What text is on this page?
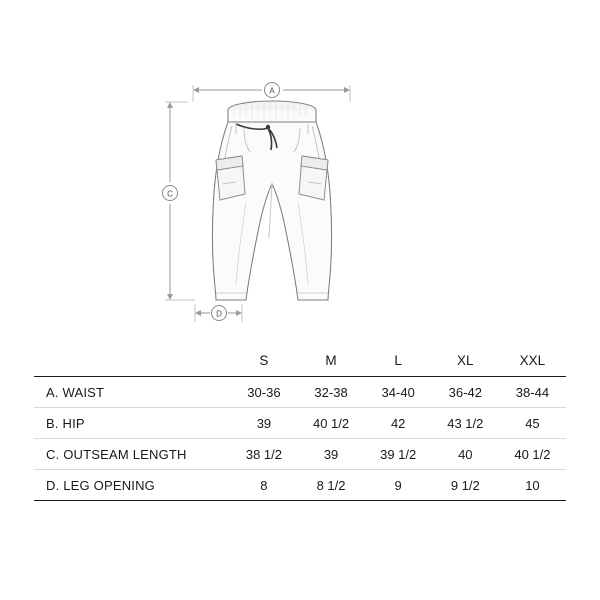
A
C
D
	S	M	L	XL	XXL

A. WAIST	30-36	32-38	34-40	36-42	38-44

B. HIP	39	40 1/2	42	43 1/2	45

C. OUTSEAM LENGTH	38 1/2	39	39 1/2	40	40 1/2

D. LEG OPENING	8	8 1/2	9	9 1/2	10
